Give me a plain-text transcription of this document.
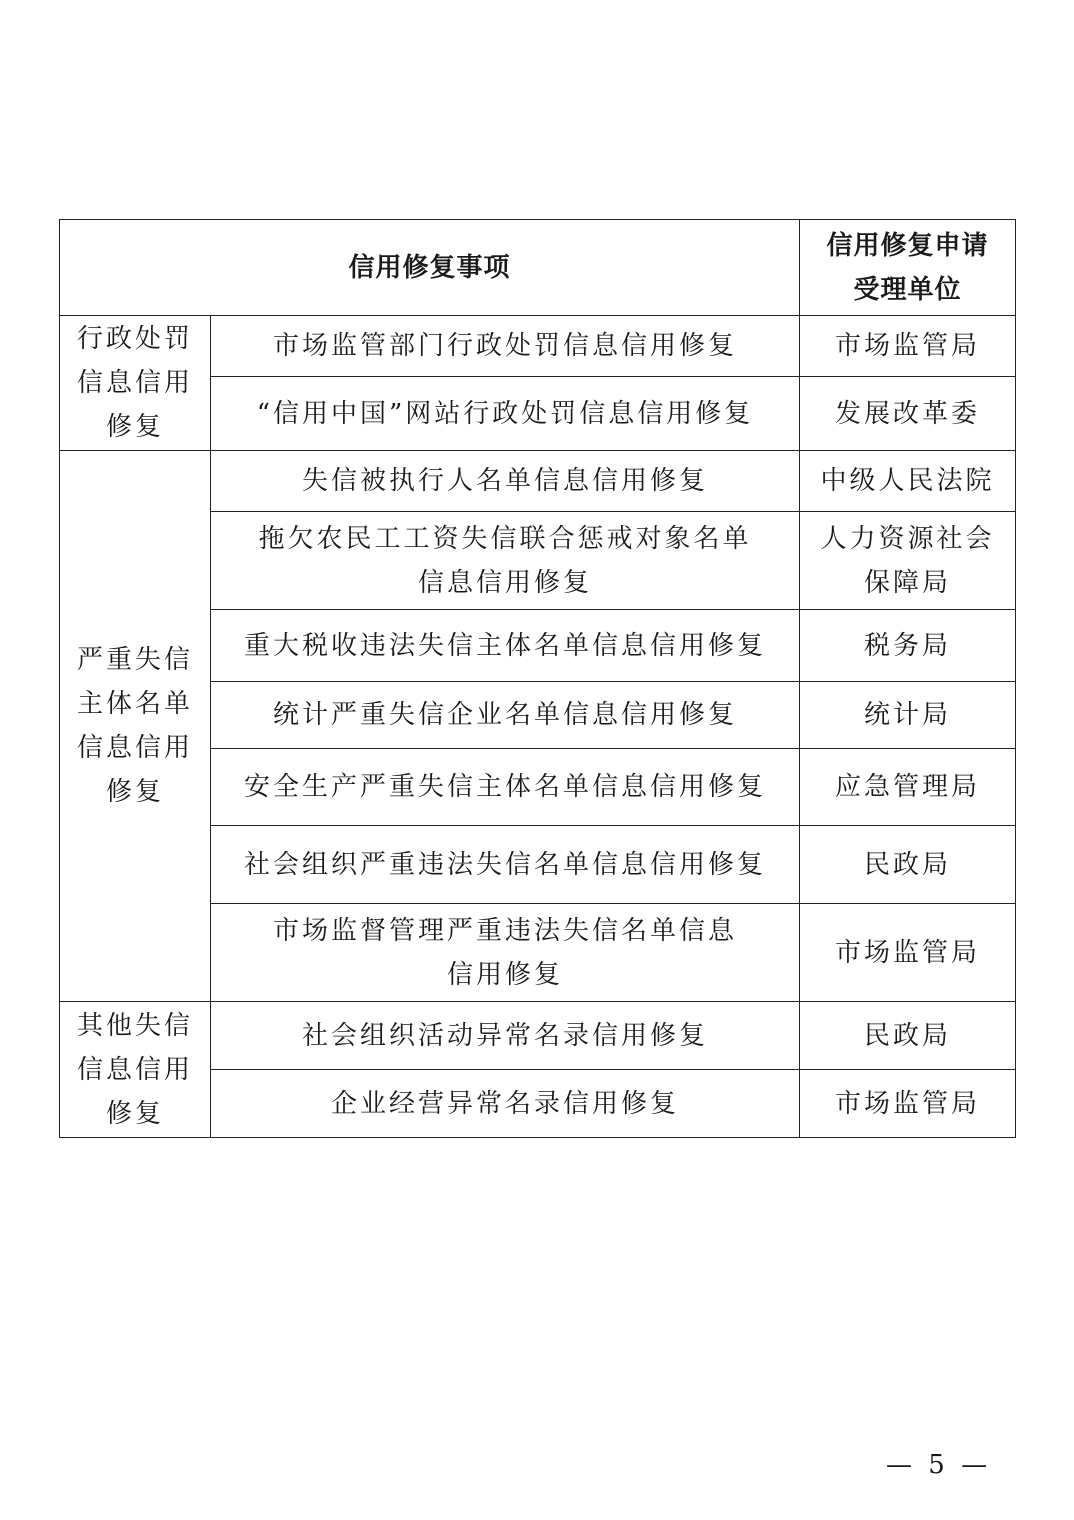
信用修复事项		信用修复申请
受理单位

行政处罚
信息信用
修复	市场监管部门行政处罚信息信用修复	市场监管局

	“信用中国”网站行政处罚信息信用修复	发展改革委

严重失信
主体名单
信息信用
修复	失信被执行人名单信息信用修复	中级人民法院

	拖欠农民工工资失信联合惩戒对象名单
信息信用修复	人力资源社会
保障局

	重大税收违法失信主体名单信息信用修复	税务局

	统计严重失信企业名单信息信用修复	统计局

	安全生产严重失信主体名单信息信用修复	应急管理局

	社会组织严重违法失信名单信息信用修复	民政局

	市场监督管理严重违法失信名单信息
信用修复	市场监管局

其他失信
信息信用
修复	社会组织活动异常名录信用修复	民政局

	企业经营异常名录信用修复	市场监管局
— 5 —
